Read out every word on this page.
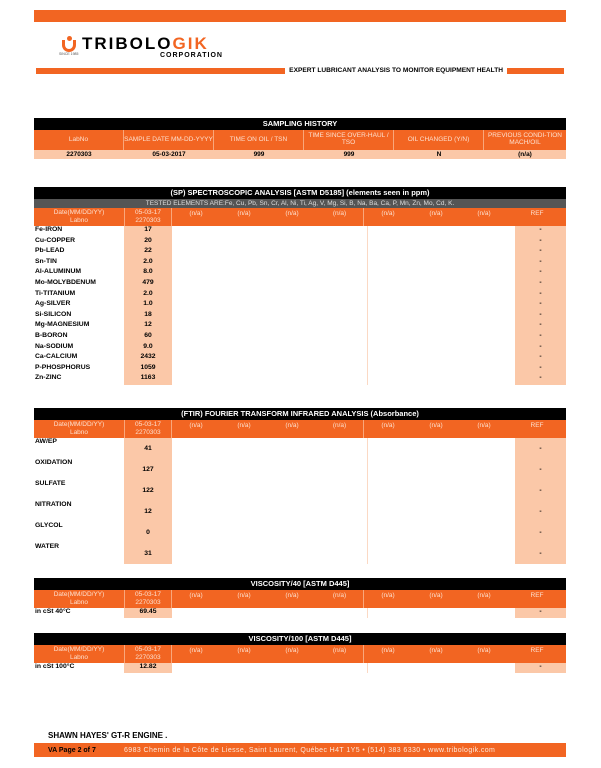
TRIBOLOGIK
SINCE 1985	CORPORATION
EXPERT LUBRICANT ANALYSIS TO MONITOR EQUIPMENT HEALTH
SAMPLING HISTORY
LabNo	SAMPLE DATE MM-DD-YYYY	TIME ON OIL / TSN	TIME SINCE OVER-HAUL / TSO	OIL CHANGED (Y/N)	PREVIOUS CONDI-TION MACH/OIL
2270303	05-03-2017	999	999	N	(n/a)
(SP) SPECTROSCOPIC ANALYSIS [ASTM D5185] (elements seen in ppm)
TESTED ELEMENTS ARE:Fe, Cu, Pb, Sn, Cr, Al, Ni, Ti, Ag, V, Mg, Si, B, Na, Ba, Ca, P, Mn, Zn, Mo, Cd, K.
Date(MM/DD/YY)
Labno
05-03-17
2270303
(n/a)	(n/a)	(n/a)	(n/a)	(n/a)	(n/a)	(n/a)	REF
Fe-IRON	17	-
Cu-COPPER	20	-
Pb-LEAD	22	-
Sn-TIN	2.0	-
Al-ALUMINUM	8.0	-
Mo-MOLYBDENUM	479	-
Ti-TITANIUM	2.0	-
Ag-SILVER	1.0	-
Si-SILICON	18	-
Mg-MAGNESIUM	12	-
B-BORON	60	-
Na-SODIUM	9.0	-
Ca-CALCIUM	2432	-
P-PHOSPHORUS	1059	-
Zn-ZINC	1163	-
(FTIR) FOURIER TRANSFORM INFRARED ANALYSIS (Absorbance)
Date(MM/DD/YY)
Labno
05-03-17
2270303
(n/a)	(n/a)	(n/a)	(n/a)	(n/a)	(n/a)	(n/a)	REF
AW/EP
41	-
OXIDATION
127	-
SULFATE
122	-
NITRATION
12	-
GLYCOL
0	-
WATER
31	-
VISCOSITY/40 [ASTM D445]
Date(MM/DD/YY)
Labno
05-03-17
2270303
(n/a)	(n/a)	(n/a)	(n/a)	(n/a)	(n/a)	(n/a)	REF
in cSt 40°C	69.45	-
VISCOSITY/100 [ASTM D445]
Date(MM/DD/YY)
Labno
05-03-17
2270303
(n/a)	(n/a)	(n/a)	(n/a)	(n/a)	(n/a)	(n/a)	REF
in cSt 100°C	12.82	-
SHAWN HAYES' GT-R ENGINE .
VA Page 2 of 7	6983 Chemin de la Côte de Liesse, Saint Laurent, Québec H4T 1Y5 • (514) 383 6330 • www.tribologik.com
